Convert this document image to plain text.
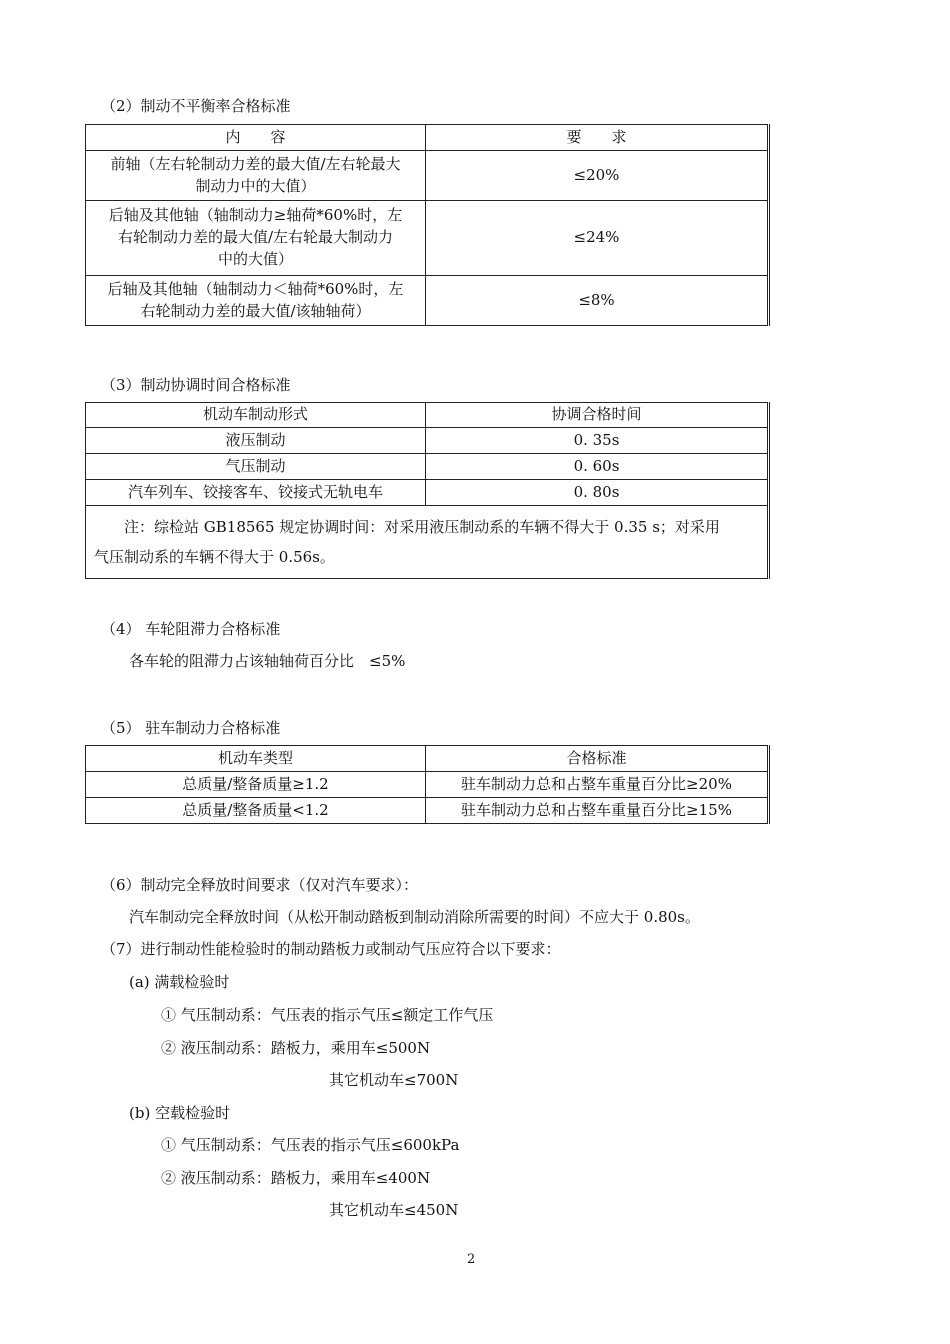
（2）制动不平衡率合格标准
内　　容	要　　求

前轴（左右轮制动力差的最大值/左右轮最大
制动力中的大值）	≤20%

后轴及其他轴（轴制动力≥轴荷*60%时，左
右轮制动力差的最大值/左右轮最大制动力
中的大值）	≤24%

后轴及其他轴（轴制动力＜轴荷*60%时，左
右轮制动力差的最大值/该轴轴荷）	≤8%
（3）制动协调时间合格标准
机动车制动形式	协调合格时间
液压制动	0. 35s
气压制动	0. 60s
汽车列车、铰接客车、铰接式无轨电车	0. 80s

　　注：综检站 GB18565 规定协调时间：对采用液压制动系的车辆不得大于 0.35 s；对采用
气压制动系的车辆不得大于 0.56s。	
（4） 车轮阻滞力合格标准
各车轮的阻滞力占该轴轴荷百分比　≤5%
（5） 驻车制动力合格标准
机动车类型	合格标准
总质量/整备质量≥1.2	驻车制动力总和占整车重量百分比≥20%
总质量/整备质量<1.2	驻车制动力总和占整车重量百分比≥15%
（6）制动完全释放时间要求（仅对汽车要求）：
汽车制动完全释放时间（从松开制动踏板到制动消除所需要的时间）不应大于 0.80s。
（7）进行制动性能检验时的制动踏板力或制动气压应符合以下要求：
(a) 满载检验时
① 气压制动系：气压表的指示气压≤额定工作气压
② 液压制动系：踏板力，乘用车≤500N
其它机动车≤700N
(b) 空载检验时
① 气压制动系：气压表的指示气压≤600kPa
② 液压制动系：踏板力，乘用车≤400N
其它机动车≤450N
2
